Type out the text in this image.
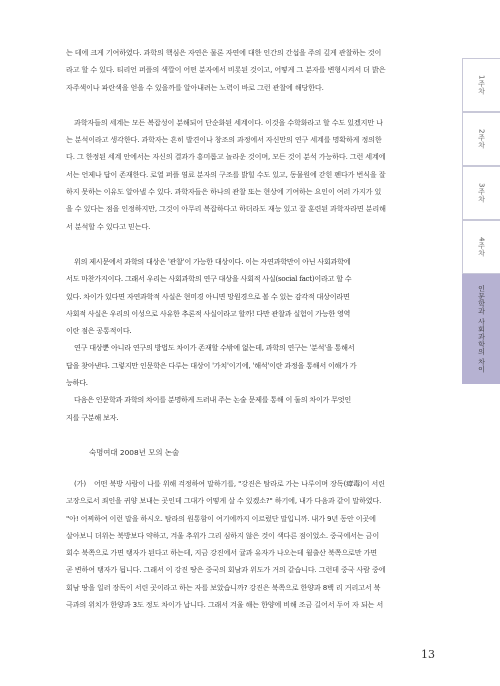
는 데에 크게 기여하였다. 과학의 핵심은 자연은 물론 자연에 대한 인간의 간섭을 주의 깊게 관찰하는 것이
라고 할 수 있다. 티리언 퍼플의 색깔이 어떤 분자에서 비롯된 것이고, 어떻게 그 분자를 변형시켜서 더 밝은
자주색이나 파란색을 얻을 수 있을까를 알아내려는 노력이 바로 그런 관찰에 해당한다.
과학자들의 세계는 모든 복잡성이 분해되어 단순화된 세계이다. 이것을 수학화라고 할 수도 있겠지만 나
는 분석이라고 생각한다. 과학자는 흔히 발견이나 창조의 과정에서 자신만의 연구 세계를 명확하게 정의한
다. 그 한정된 세계 안에서는 자신의 결과가 흥미롭고 놀라운 것이며, 모든 것이 분석 가능하다. 그런 세계에
서는 언제나 답이 존재한다. 로열 퍼플 염료 분자의 구조를 밝힐 수도 있고, 동물원에 갇힌 펜다가 번식을 잘
하지 못하는 이유도 알아낼 수 있다. 과학자들은 하나의 관찰 또는 현상에 기여하는 요인이 여러 가지가 있
을 수 있다는 점을 인정하지만, 그것이 아무리 복잡하다고 하더라도 재능 있고 잘 훈련된 과학자라면 분리해
서 분석할 수 있다고 믿는다.
위의 제시문에서 과학의 대상은 '관찰'이 가능한 대상이다. 이는 자연과학만이 아닌 사회과학에
서도 마찬가지이다. 그래서 우리는 사회과학의 연구 대상을 사회적 사실(social fact)이라고 할 수
있다. 차이가 있다면 자연과학적 사실은 현미경 아니면 망원경으로 볼 수 있는 감각적 대상이라면
사회적 사실은 우리의 이성으로 사유한 추론적 사실이라고 할까! 다만 관찰과 실험이 가능한 영역
이란 점은 공통적이다.
연구 대상뿐 아니라 연구의 방법도 차이가 존재할 수밖에 없는데, 과학의 연구는 '분석'을 통해서
답을 찾아낸다. 그렇지만 인문학은 다루는 대상이 '가치'이기에, '해석'이란 과정을 통해서 이해가 가
능하다.
다음은 인문학과 과학의 차이를 분명하게 드러내 주는 논술 문제를 통해 이 둘의 차이가 무엇인
지를 구분해 보자.

숙명여대 2008년 모의 논술

(가) 어떤 북방 사람이 나를 위해 걱정하여 말하기를, "강진은 탐라로 가는 나루이며 장독(瘴毒)이 서린
고장으로서 죄인을 귀양 보내는 곳인데 그대가 어떻게 살 수 있겠소?" 하기에, 내가 다음과 같이 말하였다.
"아! 어찌하여 이런 말을 하시오. 탐라의 원통함이 여기에까지 이르렀단 말입니까. 내가 9년 동안 이곳에
살아보니 더위는 북방보다 약하고, 겨울 추위가 그리 심하지 않은 것이 색다른 점이었소. 중국에서는 금이
회수 북쪽으로 가면 탱자가 된다고 하는데, 지금 강진에서 귤과 유자가 나오는데 월출산 북쪽으로만 가면
곧 변하여 탱자가 됩니다. 그래서 이 강진 땅은 중국의 회남과 위도가 거의 같습니다. 그런데 중국 사람 중에
회남 땅을 일러 장독이 서린 곳이라고 하는 자를 보았습니까? 강진은 북쪽으로 한양과 8백 리 거리고서 북
극과의 위치가 한양과 3도 정도 차이가 납니다. 그래서 겨울 해는 한양에 비해 조금 길어서 두어 자 되는 서
1주차
2주차
3주차
4주차
인문학과 사회과학의 차이
13
